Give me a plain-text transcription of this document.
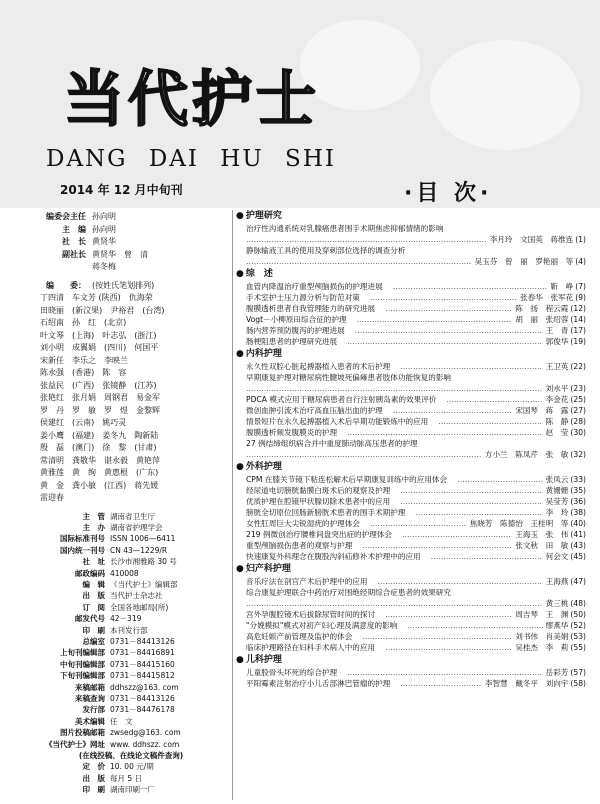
当代护士
DANG DAI HU SHI
2014 年 12 月中旬刊	·目 次·
编委会主任 孙向明
主　编 孙向明
社　长 黄贤华
副社长 黄贤华　曾　清
蒋冬梅
编　　委： (按姓氏笔划排列)
丁四清　车文芳 (陕西)　仇海荣
田晓丽　(新汶果)　尹裕君　(台湾)
石绍南　孙　红　(北京)
叶文琴　(上海)　叶志弘　(浙江)
刘小明　成翼娟　(四川)　何国平
宋新任　李乐之　李映兰
陈永强　(香港)　陈　容
张益民　(广西)　张镜静　(江苏)
张艳红　张月娟　周钢君　易金军
罗　丹　罗　敏　罗　煜　金黎辉
侯建红　(云南)　姚巧灵
姜小鹰　(福建)　姜冬九　陶新陆
殷　磊　(澳门)　徐　黎　(甘肃)
常清明　龚敬华　谌永毅　黄艳萍
黄雅莲　黄　绚　黄惠根　(广东)
黄　金　龚小敏　(江西)　蒋先媛
雷迎春
主　管 湖南省卫生厅
主　办 湖南省护理学会
国际标准刊号 ISSN 1006—6411
国内统一刊号 CN 43—1229/R
社　址 长沙市湘雅路 30 号
邮政编码 410008
编　辑 《当代护士》编辑部
出　版 当代护士杂志社
订　阅 全国各地邮局(所)
邮发代号 42－319
印　刷 本刊发行部
总编室 0731－84413126
上旬刊编辑部 0731－84416891
中旬刊编辑部 0731－84415160
下旬刊编辑部 0731－84415812
来稿邮箱 ddhszz@163. com
来稿查询 0731－84413126
发行部 0731－84476178
美术编辑 任　文
图片投稿邮箱 zwsedg@163. com
《当代护士》网址 www. ddhszz. com
(在线投稿、在线论文稿件查询)
定　价 10. 00 元/期
出　版 每月 5 日
印　刷 湖南印刷一厂
● 护理研究
治疗性沟通系统对乳腺癌患者围手术期焦虑抑郁情绪的影响
………………………………………………………………………………………………………
李月玲　文国英　蒋维连 (1)
静脉输液工具的使用及穿刺部位选择的调查分析
………………………………………………………………………………………………………
吴玉芬　曾　丽　罗艳丽　等 (4)
● 综　述
血管内降温治疗重型颅脑损伤的护理进展 ………………………………………………………………………………………………………	靳　峥 (7)
手术室护士压力源分析与防范对策 ………………………………………………………………………………………………………	张春华　张军花 (9)
腹膜透析患者自我管理能力的研究进展 ………………………………………………………………………………………………………	陈　扬　程云霞 (12)
Vogt－小柳原田综合征的护理 ………………………………………………………………………………………………………	胡　丽　张绍蓉 (14)
肠内营养预防腹泻的护理进展 ………………………………………………………………………………………………………	王　青 (17)
肠梗阻患者的护理研究进展 ………………………………………………………………………………………………………	郭俊华 (19)
● 内科护理
永久性双腔心脏起搏器植入患者的术后护理 ………………………………………………………………………………………………………	王卫英 (22)
早期康复护理对糖尿病性腱坡死偏瘫患者肢体功能恢复的影响
………………………………………………………………………………………………………
刘水平 (23)
PDCA 模式应用于糖尿病患者自行注射胰岛素的效果评价 ………………………………………………………………………………………………………	李金花 (25)
微创血肿引流术治疗高血压脑出血的护理 ………………………………………………………………………………………………………	宋国琴　蒋　露 (27)
情景短片在永久起搏器植入术后早期功能锻炼中的应用 ………………………………………………………………………………………………………	陈　静 (28)
腹膜透析频发腹膜炎的护理 ………………………………………………………………………………………………………	赵　莹 (30)
27 例结缔组织病合并中重度肺动脉高压患者的护理
………………………………………………………………………………………………………
方小兰　陈凤芹　张　敏 (32)
● 外科护理
CPM 在膝关节镜下粘连松解术后早期康复训练中的应用体会 ………………………………………………………………………………………………………	张凤云 (33)
经尿道电切膀胱黏膜白斑术后的观察及护理 ………………………………………………………………………………………………………	黄姗姗 (35)
优质护理在腔镜甲状腺切除术患者中的应用 ………………………………………………………………………………………………………	吴莹芳 (36)
膀胱全切原位回肠新膀胱术患者的围手术期护理 ………………………………………………………………………………………………………	李　玲 (38)
女性肛周巨大尖锐湿疣的护理体会 ………………………………………………………………………………………………………	焦晓芳　陈德怡　王桂明　等 (40)
219 例微创治疗腰椎间盘突出症的护理体会 ………………………………………………………………………………………………………	王海玉　张　伟 (41)
重型颅脑损伤患者的观察与护理 ………………………………………………………………………………………………………	张文秋　田　敏 (43)
快速康复外科理念在腹股沟斜疝修补术护理中的应用 ………………………………………………………………………………………………………	何会文 (45)
● 妇产科护理
音乐疗法在剖宫产术后护理中的应用 ………………………………………………………………………………………………………	王海燕 (47)
综合康复护理联合中药治疗对围绝经期综合症患者的效果研究
………………………………………………………………………………………………………
黄三桃 (48)
宫外孕腹腔镜术后拔除尿管时间的探讨 ………………………………………………………………………………………………………	周吉琴　王　渊 (50)
"分娩模拟"模式对初产妇心理及满意度的影响 ………………………………………………………………………………………………………	缪燕华 (52)
高危妊娠产前管理及监护的体会 ………………………………………………………………………………………………………	刘书伟　肖美娟 (53)
临床护理路径在妇科手术病人中的应用 ………………………………………………………………………………………………………	吴桂杰　李　莉 (55)
● 儿科护理
儿童股骨头坏死的综合护理 ………………………………………………………………………………………………………	岳彩芳 (57)
平阳霉素注射治疗小儿舌部淋巴管瘤的护理 ………………………………………………………………………………………………………	李智慧　戴冬平　刘向宇 (58)
